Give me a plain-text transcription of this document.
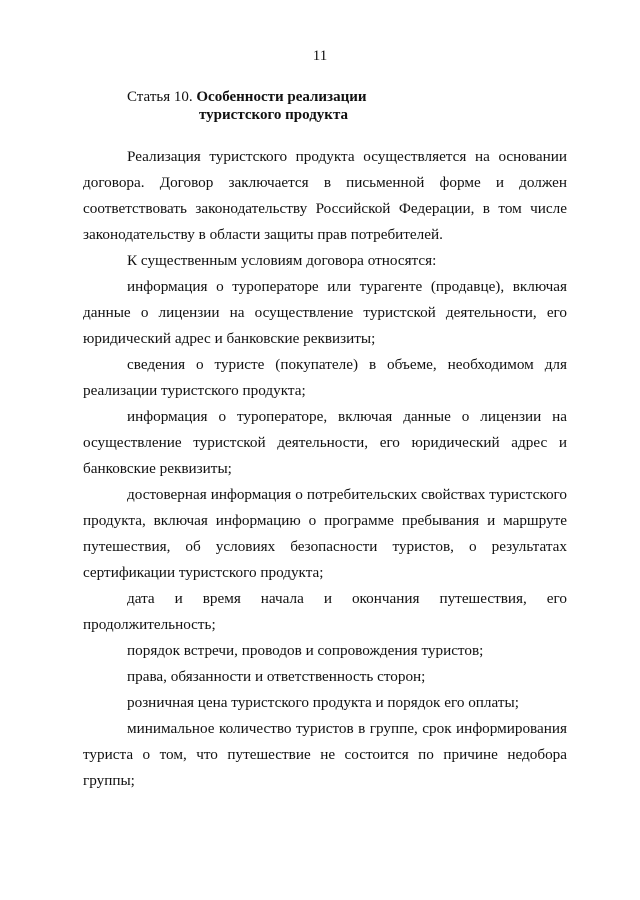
11
Статья 10. Особенности реализации
туристского продукта

Реализация туристского продукта осуществляется на основании договора. Договор заключается в письменной форме и должен соответствовать законодательству Российской Федерации, в том числе законодательству в области защиты прав потребителей.

К существенным условиям договора относятся:

информация о туроператоре или турагенте (продавце), включая данные о лицензии на осуществление туристской деятельности, его юридический адрес и банковские реквизиты;

сведения о туристе (покупателе) в объеме, необходимом для реализации туристского продукта;

информация о туроператоре, включая данные о лицензии на осуществление туристской деятельности, его юридический адрес и банковские реквизиты;

достоверная информация о потребительских свойствах туристского продукта, включая информацию о программе пребывания и маршруте путешествия, об условиях безопасности туристов, о результатах сертификации туристского продукта;

дата и время начала и окончания путешествия, его продолжительность;

порядок встречи, проводов и сопровождения туристов;

права, обязанности и ответственность сторон;

розничная цена туристского продукта и порядок его оплаты;

минимальное количество туристов в группе, срок информирования туриста о том, что путешествие не состоится по причине недобора группы;
